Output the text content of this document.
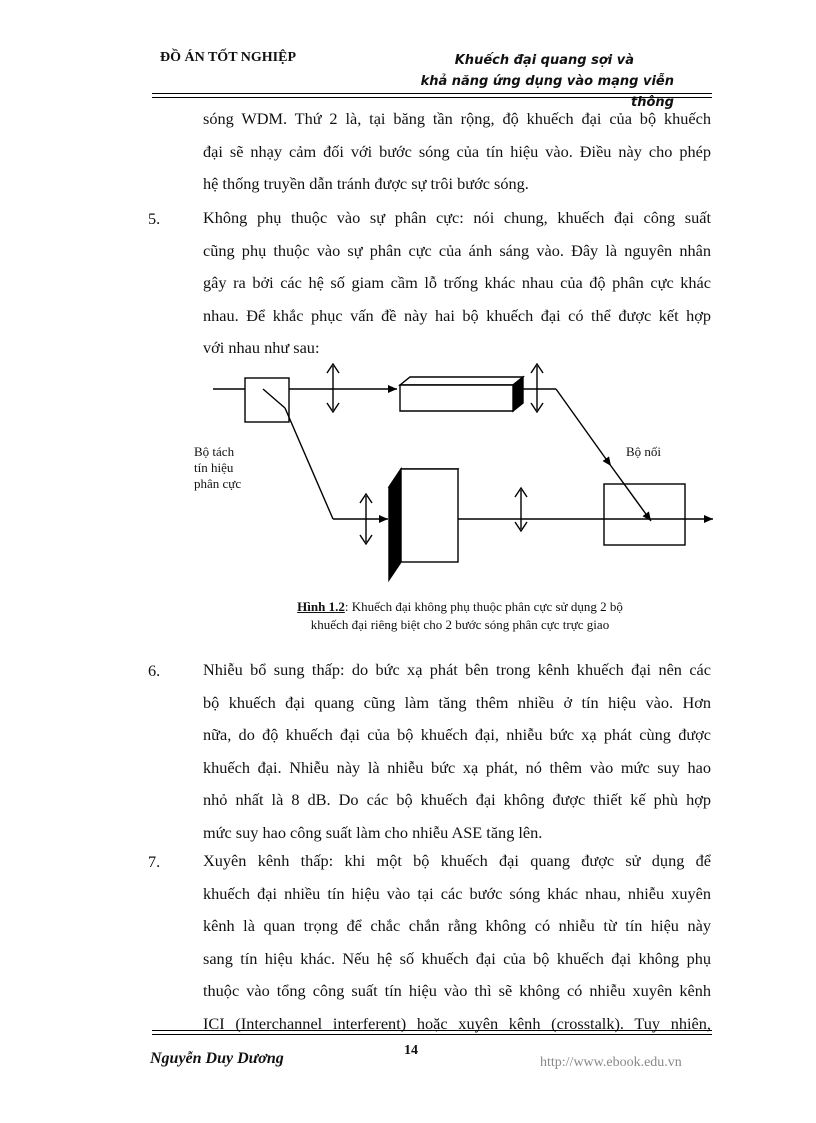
ĐỒ ÁN TỐT NGHIỆP	Khuếch đại quang sợi và
khả năng ứng dụng vào mạng viễn thông
sóng WDM. Thứ 2 là, tại băng tần rộng, độ khuếch đại của bộ khuếch
đại sẽ nhạy cảm đối với bước sóng của tín hiệu vào. Điều này cho phép
hệ thống truyền dẫn tránh được sự trôi bước sóng.
5.	Không phụ thuộc vào sự phân cực: nói chung, khuếch đại công suất
cũng phụ thuộc vào sự phân cực của ánh sáng vào. Đây là nguyên nhân
gây ra bởi các hệ số giam cầm lỗ trống khác nhau của độ phân cực khác
nhau. Để khắc phục vấn đề này hai bộ khuếch đại có thể được kết hợp
với nhau như sau:
Bộ tách
tín hiệu
phân cực
Bộ nối
Hình 1.2: Khuếch đại không phụ thuộc phân cực sử dụng 2 bộ
khuếch đại riêng biệt cho 2 bước sóng phân cực trực giao
6.	Nhiễu bổ sung thấp: do bức xạ phát bên trong kênh khuếch đại nên các
bộ khuếch đại quang cũng làm tăng thêm nhiều ở tín hiệu vào. Hơn
nữa, do độ khuếch đại của bộ khuếch đại, nhiễu bức xạ phát cùng được
khuếch đại. Nhiễu này là nhiễu bức xạ phát, nó thêm vào mức suy hao
nhỏ nhất là 8 dB. Do các bộ khuếch đại không được thiết kế phù hợp
mức suy hao công suất làm cho nhiễu ASE tăng lên.
7.	Xuyên kênh thấp: khi một bộ khuếch đại quang được sử dụng để
khuếch đại nhiều tín hiệu vào tại các bước sóng khác nhau, nhiễu xuyên
kênh là quan trọng để chắc chắn rằng không có nhiễu từ tín hiệu này
sang tín hiệu khác. Nếu hệ số khuếch đại của bộ khuếch đại không phụ
thuộc vào tổng công suất tín hiệu vào thì sẽ không có nhiễu xuyên kênh
ICI (Interchannel interferent) hoặc xuyên kênh (crosstalk). Tuy nhiên,
Nguyễn Duy Dương	14
http://www.ebook.edu.vn
